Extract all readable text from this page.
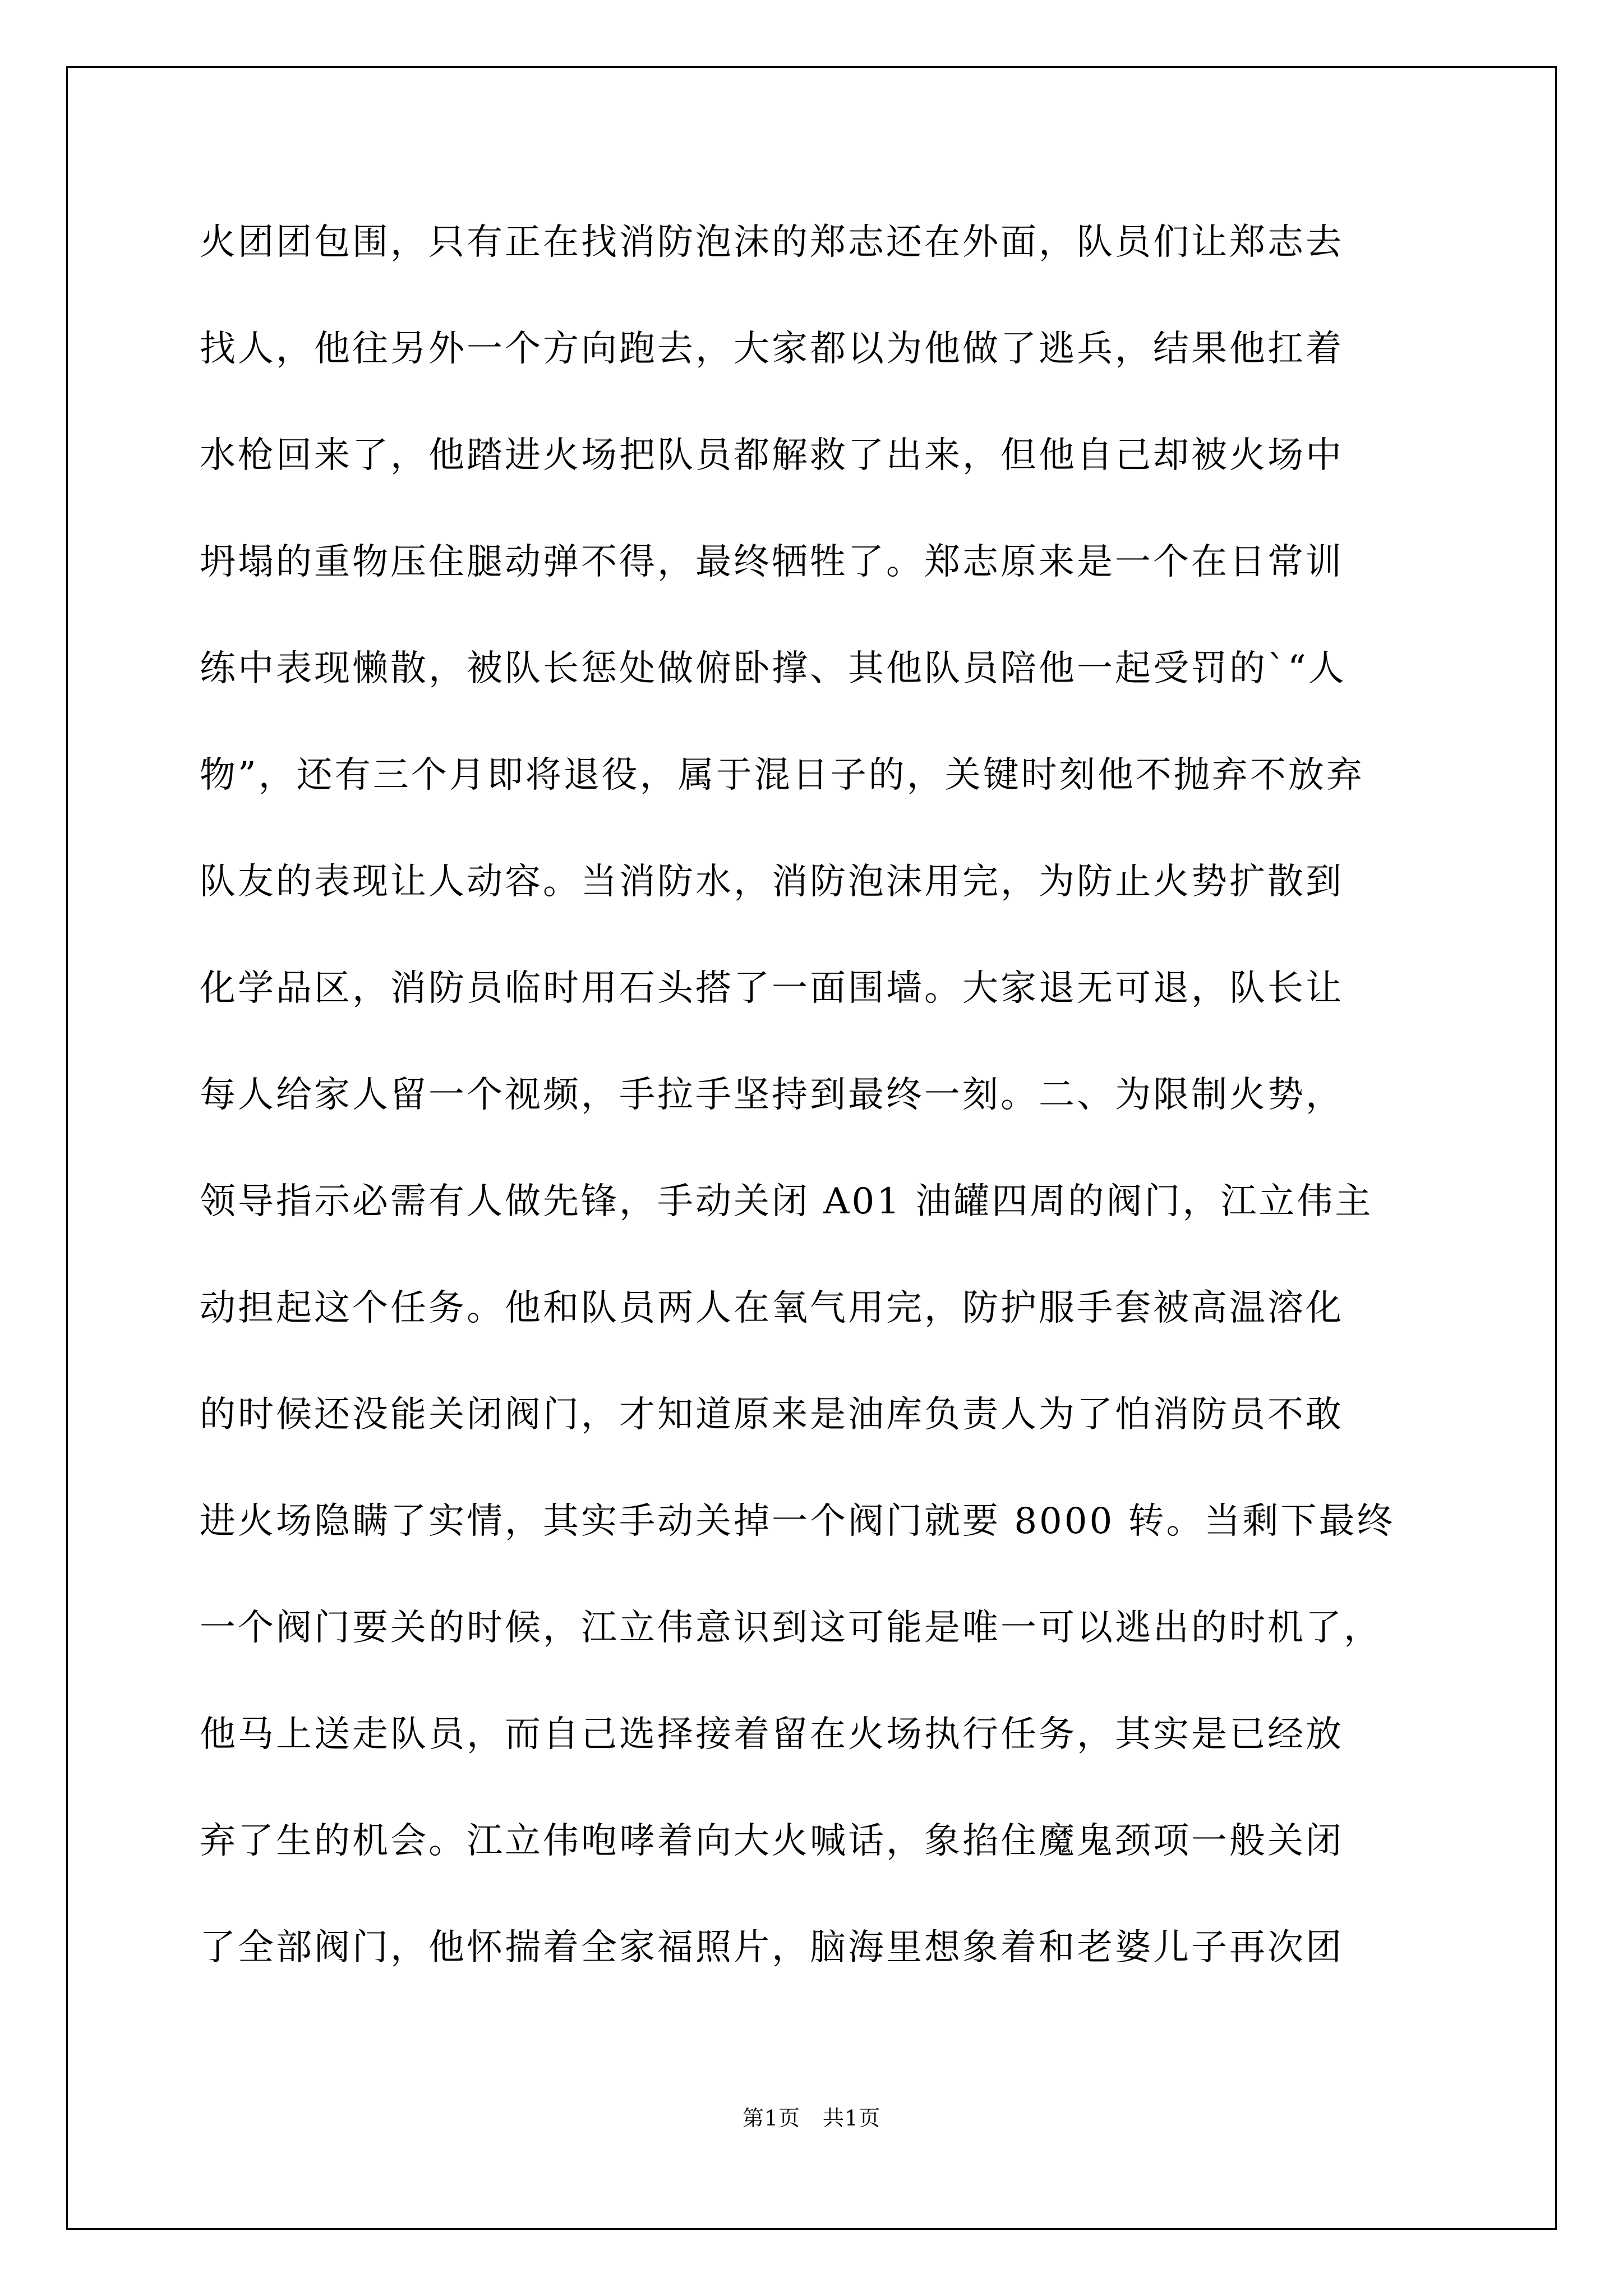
火团团包围，只有正在找消防泡沫的郑志还在外面，队员们让郑志去
找人，他往另外一个方向跑去，大家都以为他做了逃兵，结果他扛着
水枪回来了，他踏进火场把队员都解救了出来，但他自己却被火场中
坍塌的重物压住腿动弹不得，最终牺牲了。郑志原来是一个在日常训
练中表现懒散，被队长惩处做俯卧撑、其他队员陪他一起受罚的`“人
物”，还有三个月即将退役，属于混日子的，关键时刻他不抛弃不放弃
队友的表现让人动容。当消防水，消防泡沫用完，为防止火势扩散到
化学品区，消防员临时用石头搭了一面围墙。大家退无可退，队长让
每人给家人留一个视频，手拉手坚持到最终一刻。二、为限制火势，
领导指示必需有人做先锋，手动关闭 A01 油罐四周的阀门，江立伟主
动担起这个任务。他和队员两人在氧气用完，防护服手套被高温溶化
的时候还没能关闭阀门，才知道原来是油库负责人为了怕消防员不敢
进火场隐瞒了实情，其实手动关掉一个阀门就要 8000 转。当剩下最终
一个阀门要关的时候，江立伟意识到这可能是唯一可以逃出的时机了，
他马上送走队员，而自己选择接着留在火场执行任务，其实是已经放
弃了生的机会。江立伟咆哮着向大火喊话，象掐住魔鬼颈项一般关闭
了全部阀门，他怀揣着全家福照片，脑海里想象着和老婆儿子再次团
第1页 共1页
